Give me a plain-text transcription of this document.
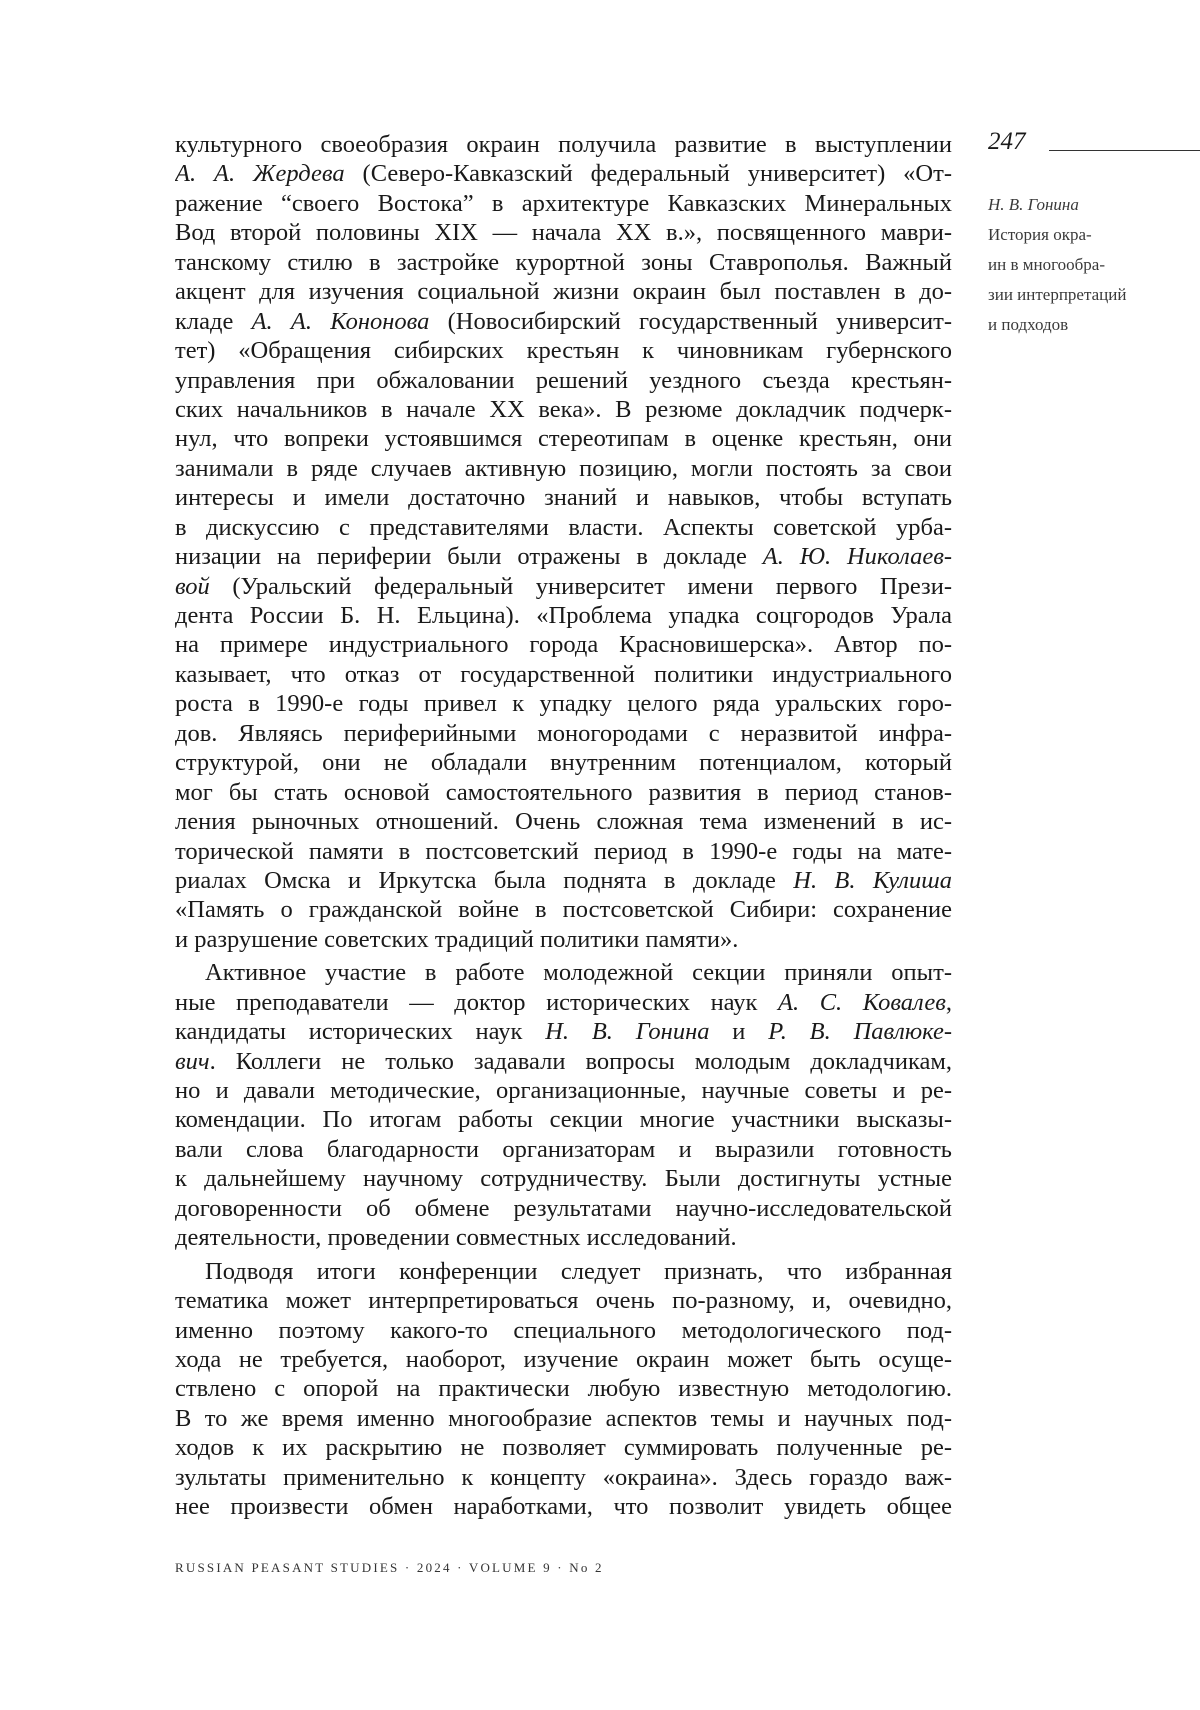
247
Н. В. Гонина
История окра-
ин в многообра-
зии интерпретаций
и подходов
культурного своеобразия окраин получила развитие в выступлении
А. А. Жердева (Северо-Кавказский федеральный университет) «От-
ражение “своего Востока” в архитектуре Кавказских Минеральных
Вод второй половины XIX — начала XX в.», посвященного маври-
танскому стилю в застройке курортной зоны Ставрополья. Важный
акцент для изучения социальной жизни окраин был поставлен в до-
кладе А. А. Кононова (Новосибирский государственный университ-
тет) «Обращения сибирских крестьян к чиновникам губернского
управления при обжаловании решений уездного съезда крестьян-
ских начальников в начале XX века». В резюме докладчик подчерк-
нул, что вопреки устоявшимся стереотипам в оценке крестьян, они
занимали в ряде случаев активную позицию, могли постоять за свои
интересы и имели достаточно знаний и навыков, чтобы вступать
в дискуссию с представителями власти. Аспекты советской урба-
низации на периферии были отражены в докладе А. Ю. Николаев-
вой (Уральский федеральный университет имени первого Прези-
дента России Б. Н. Ельцина). «Проблема упадка соцгородов Урала
на примере индустриального города Красновишерска». Автор по-
казывает, что отказ от государственной политики индустриального
роста в 1990-е годы привел к упадку целого ряда уральских горо-
дов. Являясь периферийными моногородами с неразвитой инфра-
структурой, они не обладали внутренним потенциалом, который
мог бы стать основой самостоятельного развития в период станов-
ления рыночных отношений. Очень сложная тема изменений в ис-
торической памяти в постсоветский период в 1990-е годы на мате-
риалах Омска и Иркутска была поднята в докладе Н. В. Кулиша
«Память о гражданской войне в постсоветской Сибири: сохранение
и разрушение советских традиций политики памяти».
Активное участие в работе молодежной секции приняли опыт-
ные преподаватели — доктор исторических наук А. С. Ковалев,
кандидаты исторических наук Н. В. Гонина и Р. В. Павлюке-
вич. Коллеги не только задавали вопросы молодым докладчикам,
но и давали методические, организационные, научные советы и ре-
комендации. По итогам работы секции многие участники высказы-
вали слова благодарности организаторам и выразили готовность
к дальнейшему научному сотрудничеству. Были достигнуты устные
договоренности об обмене результатами научно-исследовательской
деятельности, проведении совместных исследований.
Подводя итоги конференции следует признать, что избранная
тематика может интерпретироваться очень по-разному, и, очевидно,
именно поэтому какого-то специального методологического под-
хода не требуется, наоборот, изучение окраин может быть осуще-
ствлено с опорой на практически любую известную методологию.
В то же время именно многообразие аспектов темы и научных под-
ходов к их раскрытию не позволяет суммировать полученные ре-
зультаты применительно к концепту «окраина». Здесь гораздо важ-
нее произвести обмен наработками, что позволит увидеть общее
RUSSIAN PEASANT STUDIES · 2024 · VOLUME 9 · No 2
